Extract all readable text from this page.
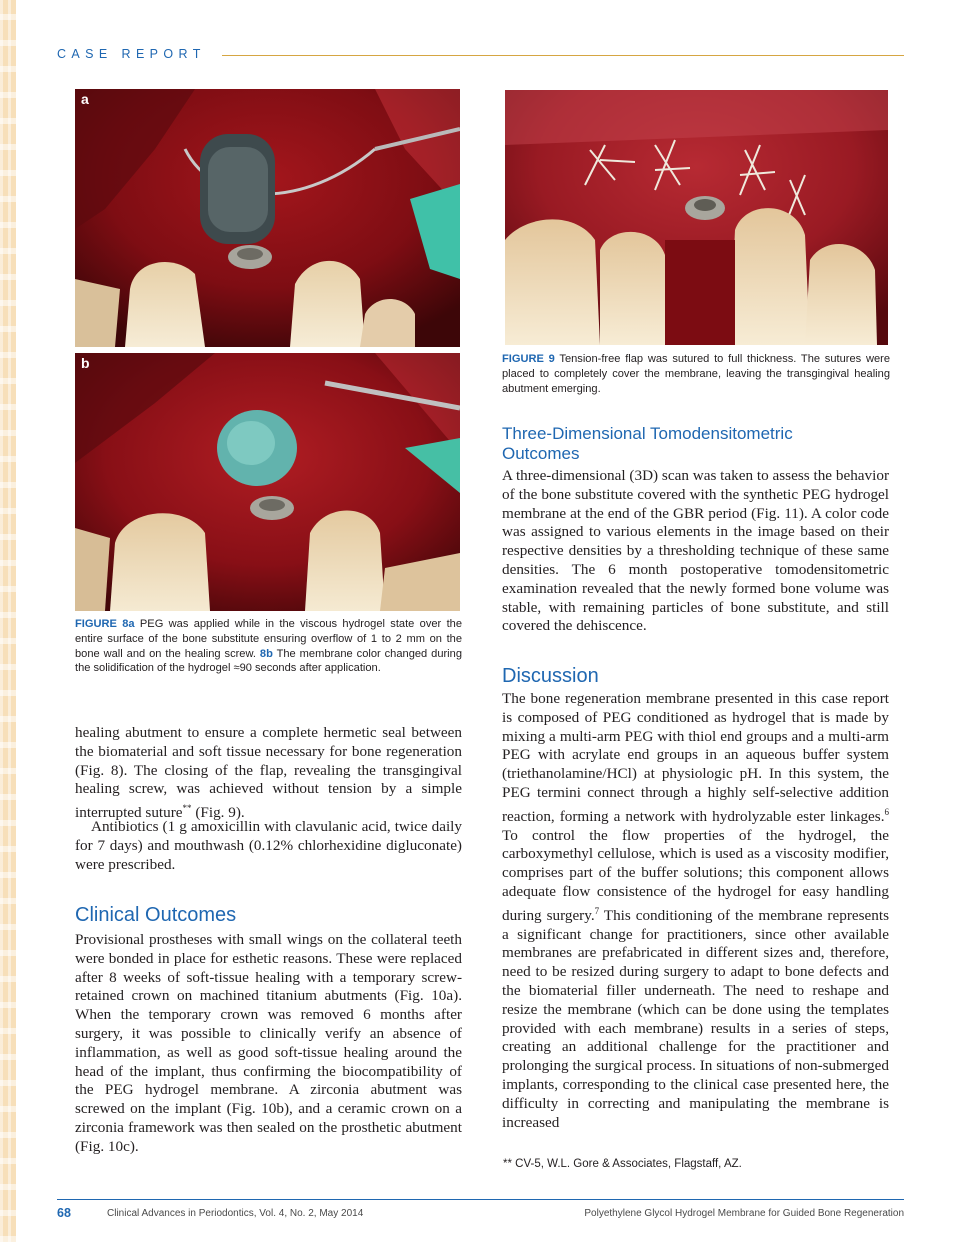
CASE REPORT
a
b

FIGURE 8a PEG was applied while in the viscous hydrogel state over the entire surface of the bone substitute ensuring overflow of 1 to 2 mm on the bone wall and on the healing screw. 8b The membrane color changed during the solidification of the hydrogel ≈90 seconds after application.

FIGURE 9 Tension-free flap was sutured to full thickness. The sutures were placed to completely cover the membrane, leaving the transgingival healing abutment emerging.

healing abutment to ensure a complete hermetic seal between the biomaterial and soft tissue necessary for bone regeneration (Fig. 8). The closing of the flap, revealing the transgingival healing screw, was achieved without tension by a simple interrupted suture** (Fig. 9).

Antibiotics (1 g amoxicillin with clavulanic acid, twice daily for 7 days) and mouthwash (0.12% chlorhexidine digluconate) were prescribed.

Clinical Outcomes

Provisional prostheses with small wings on the collateral teeth were bonded in place for esthetic reasons. These were replaced after 8 weeks of soft-tissue healing with a temporary screw-retained crown on machined titanium abutments (Fig. 10a). When the temporary crown was removed 6 months after surgery, it was possible to clinically verify an absence of inflammation, as well as good soft-tissue healing around the head of the implant, thus confirming the biocompatibility of the PEG hydrogel membrane. A zirconia abutment was screwed on the implant (Fig. 10b), and a ceramic crown on a zirconia framework was then sealed on the prosthetic abutment (Fig. 10c).

Three-Dimensional Tomodensitometric Outcomes

A three-dimensional (3D) scan was taken to assess the behavior of the bone substitute covered with the synthetic PEG hydrogel membrane at the end of the GBR period (Fig. 11). A color code was assigned to various elements in the image based on their respective densities by a thresholding technique of these same densities. The 6 month postoperative tomodensitometric examination revealed that the newly formed bone volume was stable, with remaining particles of bone substitute, and still covered the dehiscence.

Discussion

The bone regeneration membrane presented in this case report is composed of PEG conditioned as hydrogel that is made by mixing a multi-arm PEG with thiol end groups and a multi-arm PEG with acrylate end groups in an aqueous buffer system (triethanolamine/HCl) at physiologic pH. In this system, the PEG termini connect through a highly self-selective addition reaction, forming a network with hydrolyzable ester linkages.$^6$ To control the flow properties of the hydrogel, the carboxymethyl cellulose, which is used as a viscosity modifier, comprises part of the buffer solutions; this component allows adequate flow consistence of the hydrogel for easy handling during surgery.$^7$ This conditioning of the membrane represents a significant change for practitioners, since other available membranes are prefabricated in different sizes and, therefore, need to be resized during surgery to adapt to bone defects and the biomaterial filler underneath. The need to reshape and resize the membrane (which can be done using the templates provided with each membrane) results in a series of steps, creating an additional challenge for the practitioner and prolonging the surgical process. In situations of non-submerged implants, corresponding to the clinical case presented here, the difficulty in correcting and manipulating the membrane is increased

** CV-5, W.L. Gore & Associates, Flagstaff, AZ.
68	Clinical Advances in Periodontics, Vol. 4, No. 2, May 2014	Polyethylene Glycol Hydrogel Membrane for Guided Bone Regeneration
